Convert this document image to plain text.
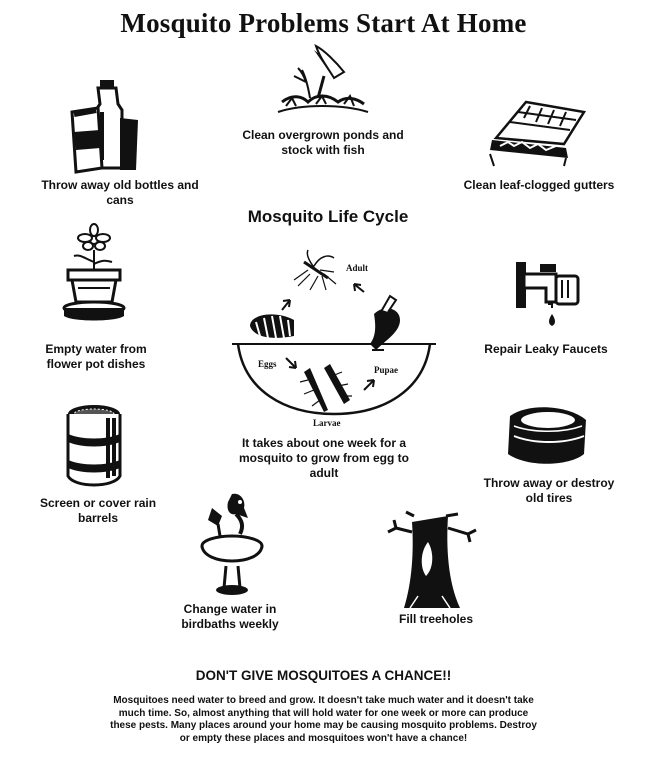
Mosquito Problems Start At Home
Clean overgrown ponds and stock with fish
Throw away old bottles and cans
Clean leaf-clogged gutters
Empty water from flower pot dishes
Repair Leaky Faucets
Throw away or destroy old tires
Screen or cover rain barrels
Change water in birdbaths weekly	Fill treeholes
Mosquito Life Cycle
Adult
Pupae
Eggs
Larvae
It takes about one week for a mosquito to grow from egg to adult
DON'T GIVE MOSQUITOES A CHANCE!!
Mosquitoes need water to breed and grow. It doesn't take much water and it doesn't take much time. So, almost anything that will hold water for one week or more can produce these pests. Many places around your home may be causing mosquito problems. Destroy or empty these places and mosquitoes won't have a chance!
